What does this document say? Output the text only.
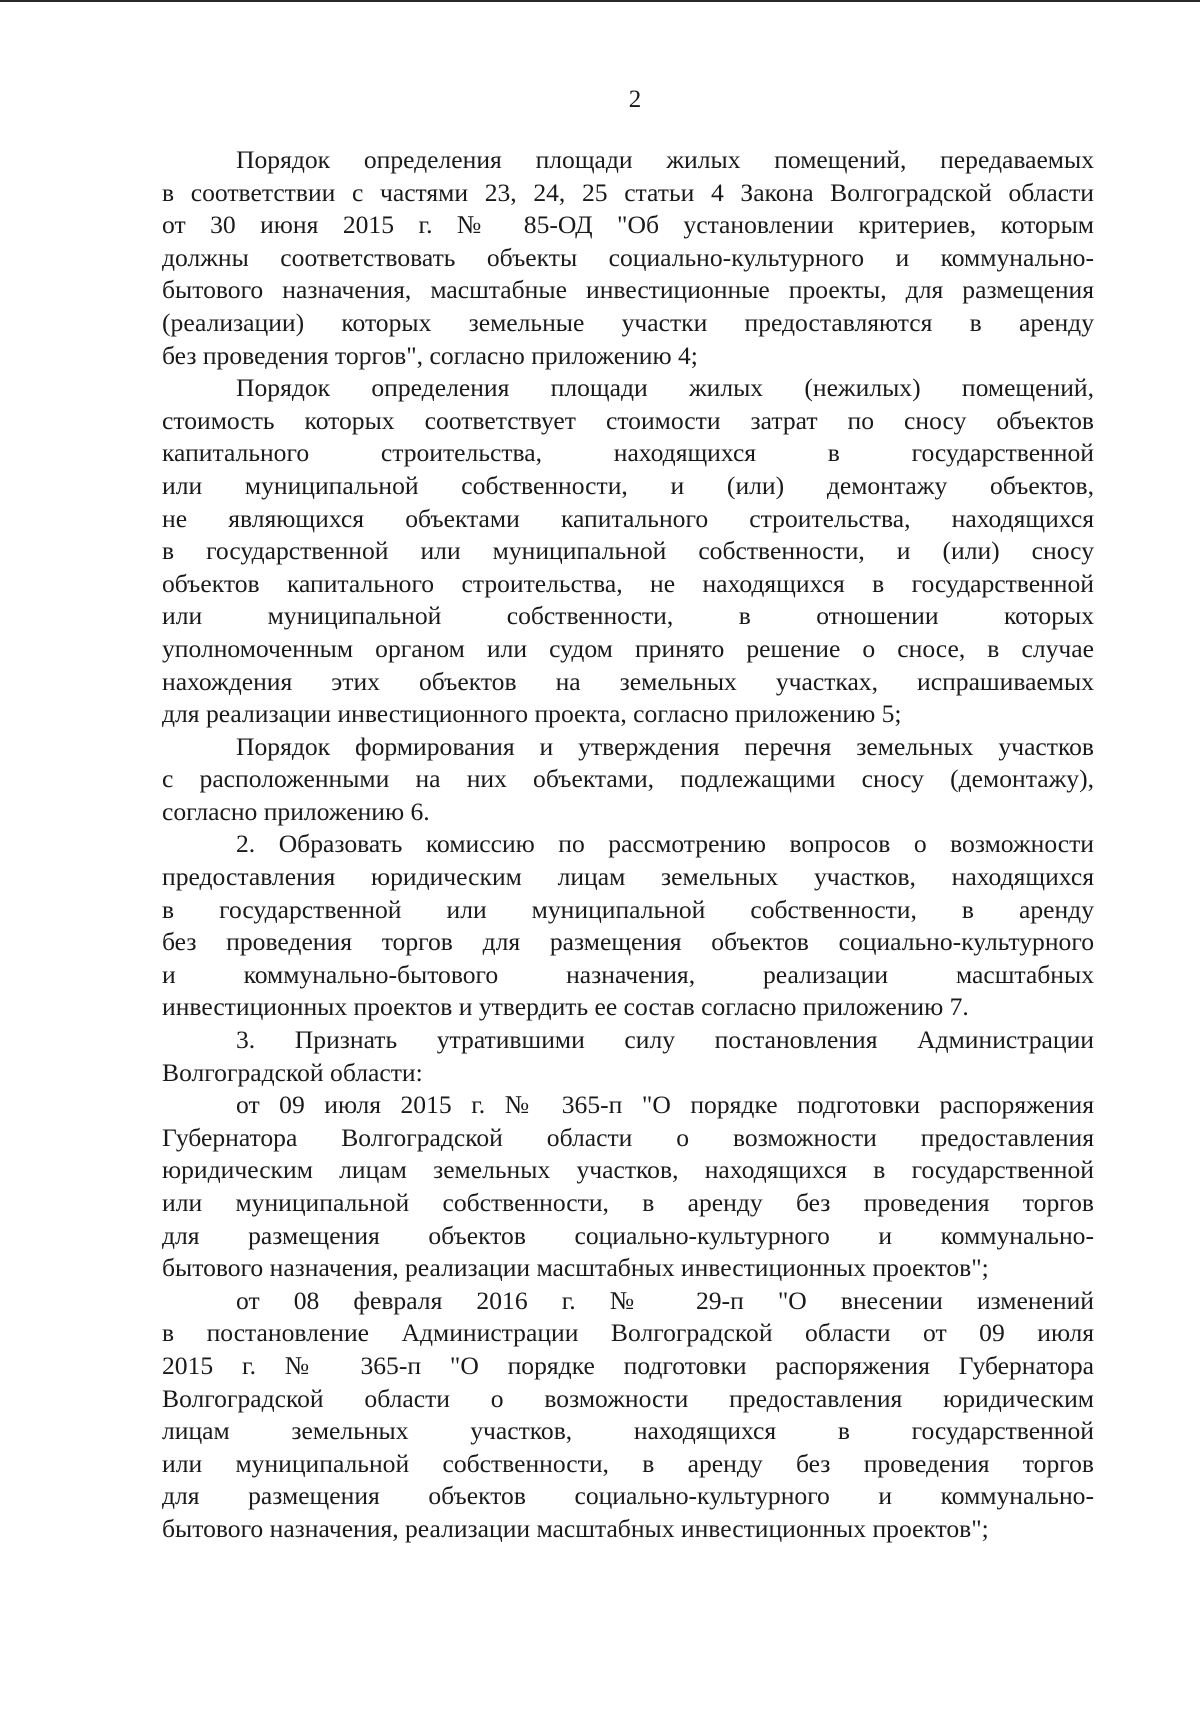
2
Порядок определения площади жилых помещений, передаваемых
в соответствии с частями 23, 24, 25 статьи 4 Закона Волгоградской области
от 30 июня 2015 г. № 85-ОД "Об установлении критериев, которым
должны соответствовать объекты социально-культурного и коммунально-
бытового назначения, масштабные инвестиционные проекты, для размещения
(реализации) которых земельные участки предоставляются в аренду
без проведения торгов", согласно приложению 4;
Порядок определения площади жилых (нежилых) помещений,
стоимость которых соответствует стоимости затрат по сносу объектов
капитального строительства, находящихся в государственной
или муниципальной собственности, и (или) демонтажу объектов,
не являющихся объектами капитального строительства, находящихся
в государственной или муниципальной собственности, и (или) сносу
объектов капитального строительства, не находящихся в государственной
или муниципальной собственности, в отношении которых
уполномоченным органом или судом принято решение о сносе, в случае
нахождения этих объектов на земельных участках, испрашиваемых
для реализации инвестиционного проекта, согласно приложению 5;
Порядок формирования и утверждения перечня земельных участков
с расположенными на них объектами, подлежащими сносу (демонтажу),
согласно приложению 6.
2. Образовать комиссию по рассмотрению вопросов о возможности
предоставления юридическим лицам земельных участков, находящихся
в государственной или муниципальной собственности, в аренду
без проведения торгов для размещения объектов социально-культурного
и коммунально-бытового назначения, реализации масштабных
инвестиционных проектов и утвердить ее состав согласно приложению 7.
3. Признать утратившими силу постановления Администрации
Волгоградской области:
от 09 июля 2015 г. № 365-п "О порядке подготовки распоряжения
Губернатора Волгоградской области о возможности предоставления
юридическим лицам земельных участков, находящихся в государственной
или муниципальной собственности, в аренду без проведения торгов
для размещения объектов социально-культурного и коммунально-
бытового назначения, реализации масштабных инвестиционных проектов";
от 08 февраля 2016 г. № 29-п "О внесении изменений
в постановление Администрации Волгоградской области от 09 июля
2015 г. № 365-п "О порядке подготовки распоряжения Губернатора
Волгоградской области о возможности предоставления юридическим
лицам земельных участков, находящихся в государственной
или муниципальной собственности, в аренду без проведения торгов
для размещения объектов социально-культурного и коммунально-
бытового назначения, реализации масштабных инвестиционных проектов";
